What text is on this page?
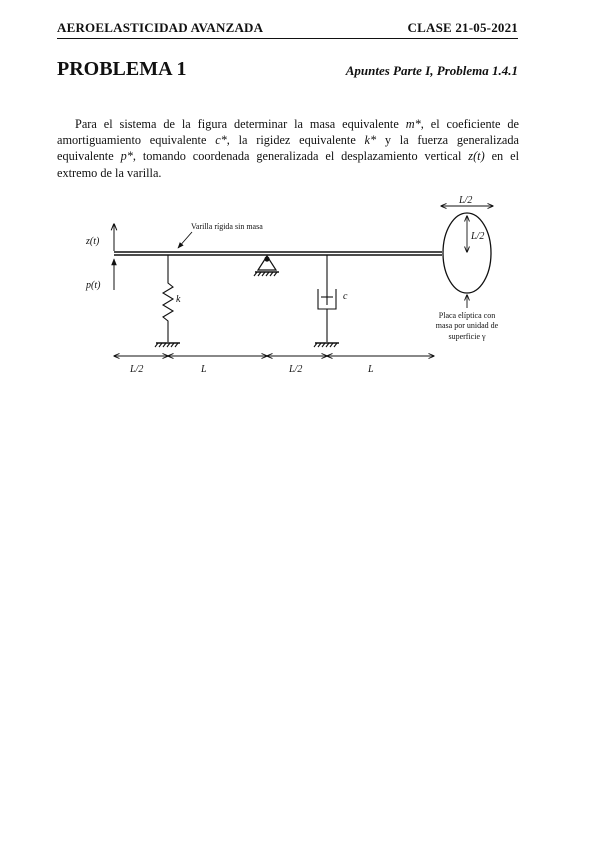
AEROELASTICIDAD AVANZADA	CLASE 21-05-2021
PROBLEMA 1	Apuntes Parte I, Problema 1.4.1

Para el sistema de la figura determinar la masa equivalente m*, el coeficiente de amortiguamiento equivalente c*, la rigidez equivalente k* y la fuerza generalizada equivalente p*, tomando coordenada generalizada el desplazamiento vertical z(t) en el extremo de la varilla.

Varilla rígida sin masa
z(t)
p(t)
k	c
L/2
L/2
Placa elíptica con
masa por unidad de
superficie γ
L/2	L	L/2	L
